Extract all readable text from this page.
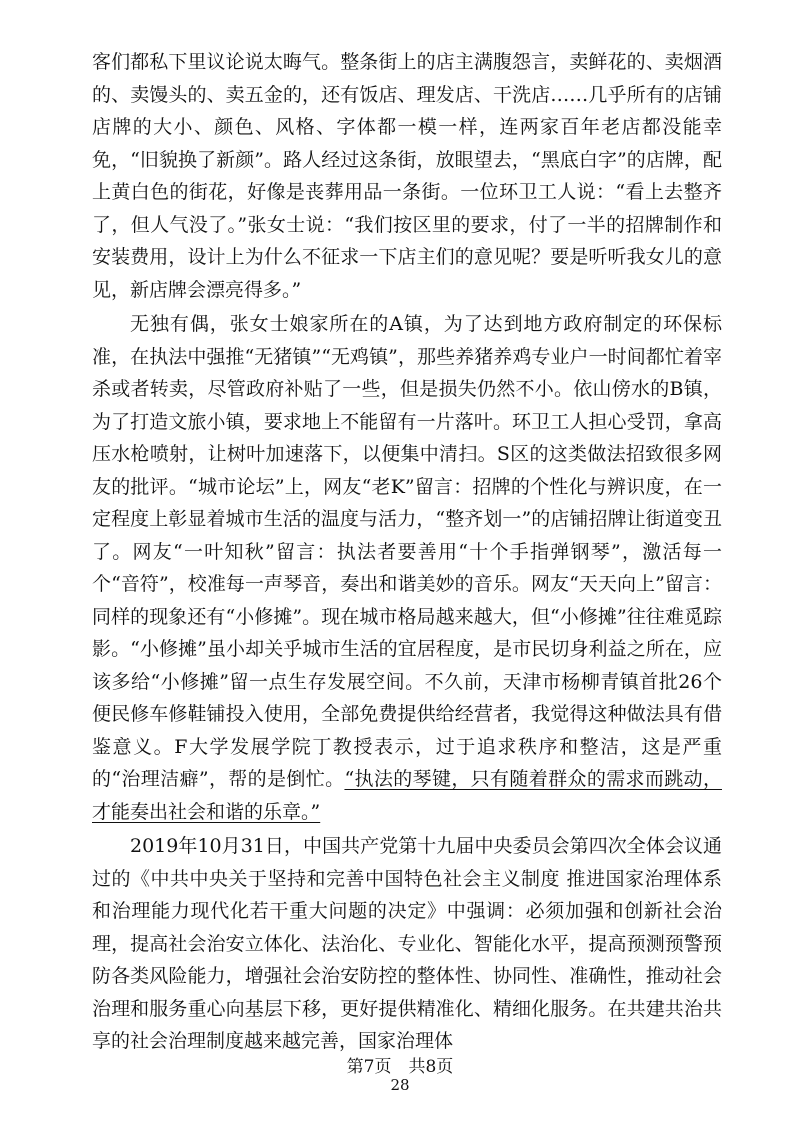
客们都私下里议论说太晦气。整条街上的店主满腹怨言，卖鲜花的、卖烟酒的、卖馒头的、卖五金的，还有饭店、理发店、干洗店……几乎所有的店铺店牌的大小、颜色、风格、字体都一模一样，连两家百年老店都没能幸免，“旧貌换了新颜”。路人经过这条街，放眼望去，“黑底白字”的店牌，配上黄白色的街花，好像是丧葬用品一条街。一位环卫工人说：“看上去整齐了，但人气没了。”张女士说：“我们按区里的要求，付了一半的招牌制作和安装费用，设计上为什么不征求一下店主们的意见呢？要是听听我女儿的意见，新店牌会漂亮得多。”

无独有偶，张女士娘家所在的A镇，为了达到地方政府制定的环保标准，在执法中强推“无猪镇”“无鸡镇”，那些养猪养鸡专业户一时间都忙着宰杀或者转卖，尽管政府补贴了一些，但是损失仍然不小。依山傍水的B镇，为了打造文旅小镇，要求地上不能留有一片落叶。环卫工人担心受罚，拿高压水枪喷射，让树叶加速落下，以便集中清扫。S区的这类做法招致很多网友的批评。“城市论坛”上，网友“老K”留言：招牌的个性化与辨识度，在一定程度上彰显着城市生活的温度与活力，“整齐划一”的店铺招牌让街道变丑了。网友“一叶知秋”留言：执法者要善用“十个手指弹钢琴”，激活每一个“音符”，校准每一声琴音，奏出和谐美妙的音乐。网友“天天向上”留言：同样的现象还有“小修摊”。现在城市格局越来越大，但“小修摊”往往难觅踪影。“小修摊”虽小却关乎城市生活的宜居程度，是市民切身利益之所在，应该多给“小修摊”留一点生存发展空间。不久前，天津市杨柳青镇首批26个便民修车修鞋铺投入使用，全部免费提供给经营者，我觉得这种做法具有借鉴意义。F大学发展学院丁教授表示，过于追求秩序和整洁，这是严重的“治理洁癖”，帮的是倒忙。“执法的琴键，只有随着群众的需求而跳动，才能奏出社会和谐的乐章。”

2019年10月31日，中国共产党第十九届中央委员会第四次全体会议通过的《中共中央关于坚持和完善中国特色社会主义制度 推进国家治理体系和治理能力现代化若干重大问题的决定》中强调：必须加强和创新社会治理，提高社会治安立体化、法治化、专业化、智能化水平，提高预测预警预防各类风险能力，增强社会治安防控的整体性、协同性、准确性，推动社会治理和服务重心向基层下移，更好提供精准化、精细化服务。在共建共治共享的社会治理制度越来越完善，国家治理体

第7页　共8页
28
